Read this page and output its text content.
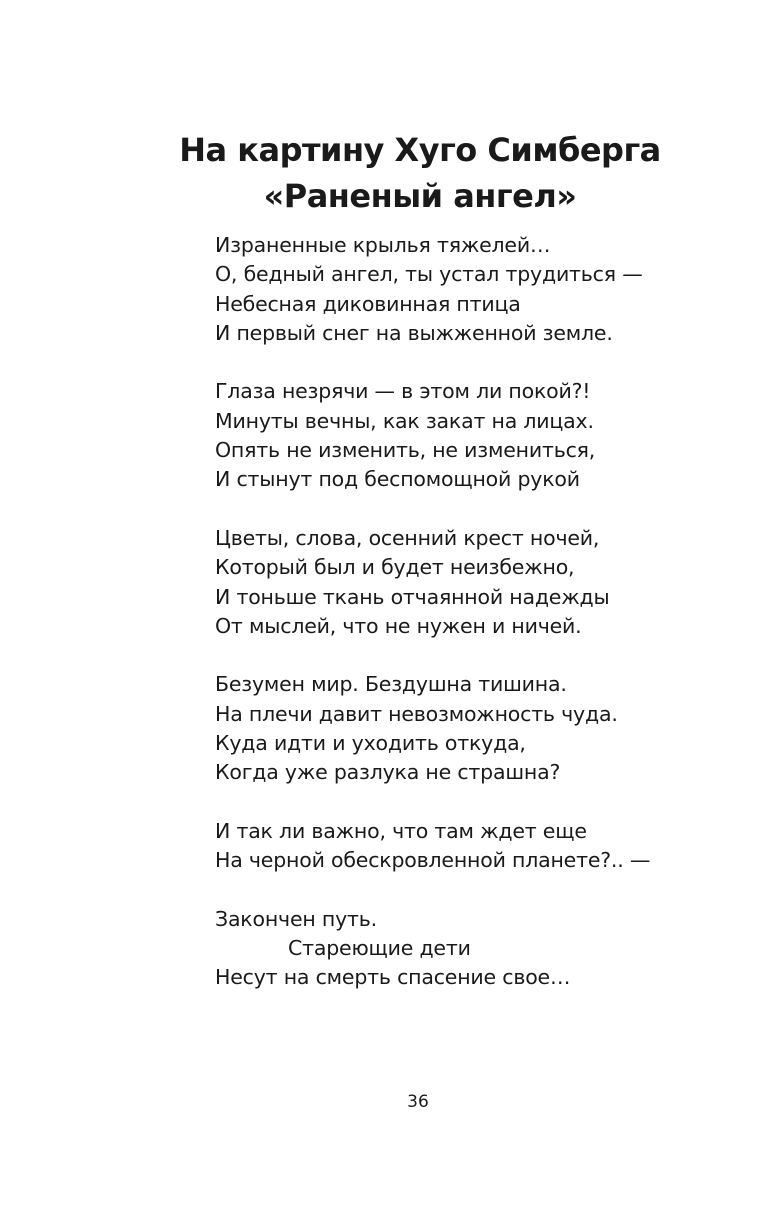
На картину Хуго Симберга
«Раненый ангел»
Израненные крылья тяжелей…
О, бедный ангел, ты устал трудиться —
Небесная диковинная птица
И первый снег на выжженной земле.
Глаза незрячи — в этом ли покой?!
Минуты вечны, как закат на лицах.
Опять не изменить, не измениться,
И стынут под беспомощной рукой
Цветы, слова, осенний крест ночей,
Который был и будет неизбежно,
И тоньше ткань отчаянной надежды
От мыслей, что не нужен и ничей.
Безумен мир. Бездушна тишина.
На плечи давит невозможность чуда.
Куда идти и уходить откуда,
Когда уже разлука не страшна?
И так ли важно, что там ждет еще
На черной обескровленной планете?.. —
Закончен путь.
Стареющие дети
Несут на смерть спасение свое…
36
